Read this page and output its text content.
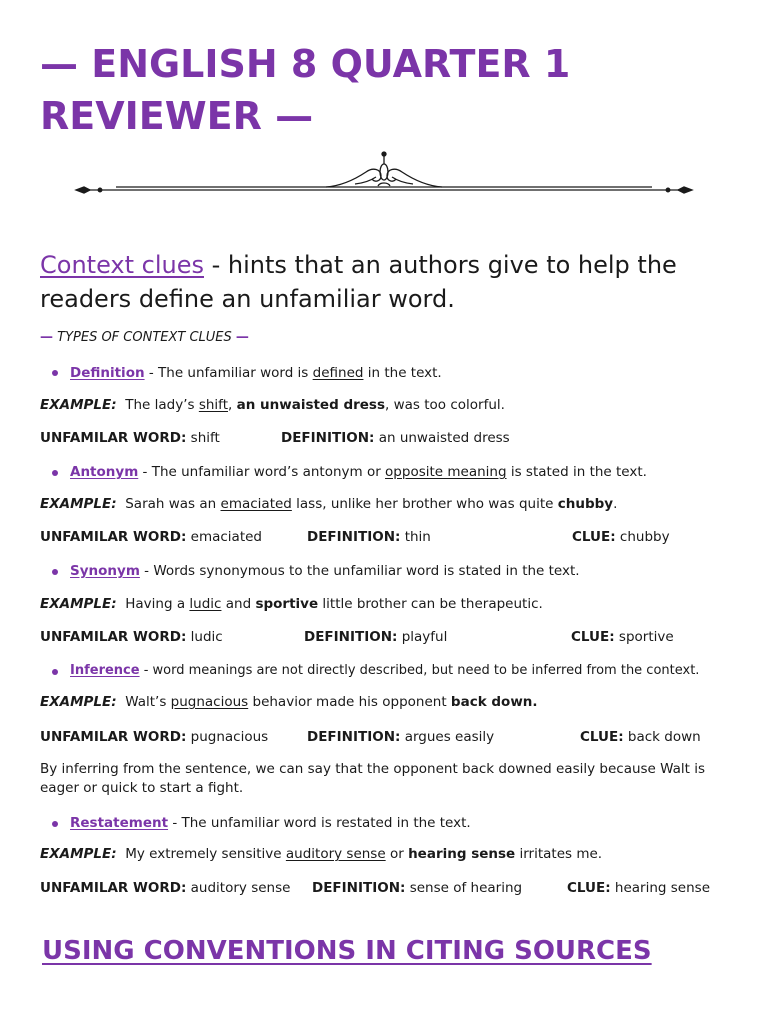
— ENGLISH 8 QUARTER 1 REVIEWER —
Context clues - hints that an authors give to help the
readers define an unfamiliar word.
— TYPES OF CONTEXT CLUES —
Definition - The unfamiliar word is defined in the text.
EXAMPLE: The lady’s shift, an unwaisted dress, was too colorful.
UNFAMILAR WORD: shift	DEFINITION: an unwaisted dress
Antonym - The unfamiliar word’s antonym or opposite meaning is stated in the text.
EXAMPLE: Sarah was an emaciated lass, unlike her brother who was quite chubby.
UNFAMILAR WORD: emaciated	DEFINITION: thin	CLUE: chubby
Synonym - Words synonymous to the unfamiliar word is stated in the text.
EXAMPLE: Having a ludic and sportive little brother can be therapeutic.
UNFAMILAR WORD: ludic	DEFINITION: playful	CLUE: sportive
Inference - word meanings are not directly described, but need to be inferred from the context.
EXAMPLE: Walt’s pugnacious behavior made his opponent back down.
UNFAMILAR WORD: pugnacious	DEFINITION: argues easily	CLUE: back down
By inferring from the sentence, we can say that the opponent back downed easily because Walt is eager or quick to start a fight.
Restatement - The unfamiliar word is restated in the text.
EXAMPLE: My extremely sensitive auditory sense or hearing sense irritates me.
UNFAMILAR WORD: auditory sense DEFINITION: sense of hearing	CLUE: hearing sense
USING CONVENTIONS IN CITING SOURCES
